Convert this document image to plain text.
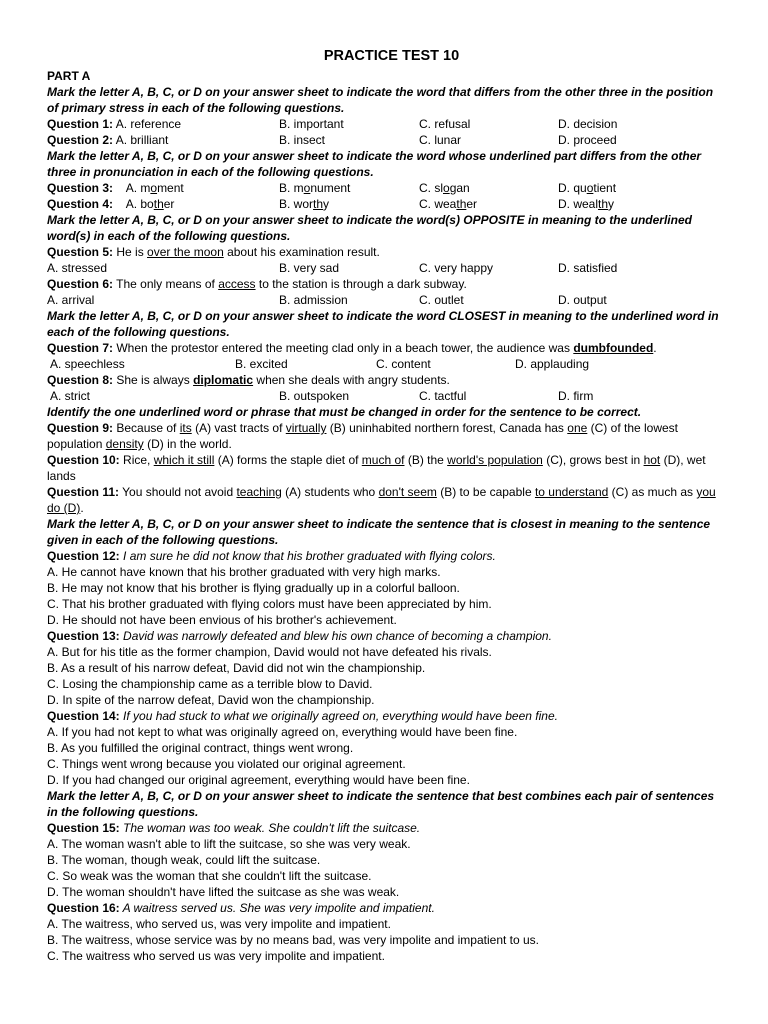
PRACTICE TEST 10
PART A
Mark the letter A, B, C, or D on your answer sheet to indicate the word that differs from the other three in the position of primary stress in each of the following questions.
Question 1: A. reference	B. important	C. refusal	D. decision
Question 2: A. brilliant	B. insect	C. lunar	D. proceed
Mark the letter A, B, C, or D on your answer sheet to indicate the word whose underlined part differs from the other three in pronunciation in each of the following questions.
Question 3: A. moment	B. monument	C. slogan	D. quotient
Question 4: A. bother	B. worthy	C. weather	D. wealthy
Mark the letter A, B, C, or D on your answer sheet to indicate the word(s) OPPOSITE in meaning to the underlined word(s) in each of the following questions.
Question 5: He is over the moon about his examination result.
A. stressed	B. very sad	C. very happy	D. satisfied
Question 6: The only means of access to the station is through a dark subway.
A. arrival	B. admission	C. outlet	D. output
Mark the letter A, B, C, or D on your answer sheet to indicate the word CLOSEST in meaning to the underlined word in each of the following questions.
Question 7: When the protestor entered the meeting clad only in a beach tower, the audience was dumbfounded.
A. speechless	B. excited	C. content	D. applauding
Question 8: She is always diplomatic when she deals with angry students.
A. strict	B. outspoken	C. tactful	D. firm
Identify the one underlined word or phrase that must be changed in order for the sentence to be correct.
Question 9: Because of its (A) vast tracts of virtually (B) uninhabited northern forest, Canada has one (C) of the lowest population density (D) in the world.
Question 10: Rice, which it still (A) forms the staple diet of much of (B) the world's population (C), grows best in hot (D), wet lands
Question 11: You should not avoid teaching (A) students who don't seem (B) to be capable to understand (C) as much as you do (D).
Mark the letter A, B, C, or D on your answer sheet to indicate the sentence that is closest in meaning to the sentence given in each of the following questions.
Question 12: I am sure he did not know that his brother graduated with flying colors.
A. He cannot have known that his brother graduated with very high marks.
B. He may not know that his brother is flying gradually up in a colorful balloon.
C. That his brother graduated with flying colors must have been appreciated by him.
D. He should not have been envious of his brother's achievement.
Question 13: David was narrowly defeated and blew his own chance of becoming a champion.
A. But for his title as the former champion, David would not have defeated his rivals.
B. As a result of his narrow defeat, David did not win the championship.
C. Losing the championship came as a terrible blow to David.
D. In spite of the narrow defeat, David won the championship.
Question 14: If you had stuck to what we originally agreed on, everything would have been fine.
A. If you had not kept to what was originally agreed on, everything would have been fine.
B. As you fulfilled the original contract, things went wrong.
C. Things went wrong because you violated our original agreement.
D. If you had changed our original agreement, everything would have been fine.
Mark the letter A, B, C, or D on your answer sheet to indicate the sentence that best combines each pair of sentences in the following questions.
Question 15: The woman was too weak. She couldn't lift the suitcase.
A. The woman wasn't able to lift the suitcase, so she was very weak.
B. The woman, though weak, could lift the suitcase.
C. So weak was the woman that she couldn't lift the suitcase.
D. The woman shouldn't have lifted the suitcase as she was weak.
Question 16: A waitress served us. She was very impolite and impatient.
A. The waitress, who served us, was very impolite and impatient.
B. The waitress, whose service was by no means bad, was very impolite and impatient to us.
C. The waitress who served us was very impolite and impatient.
